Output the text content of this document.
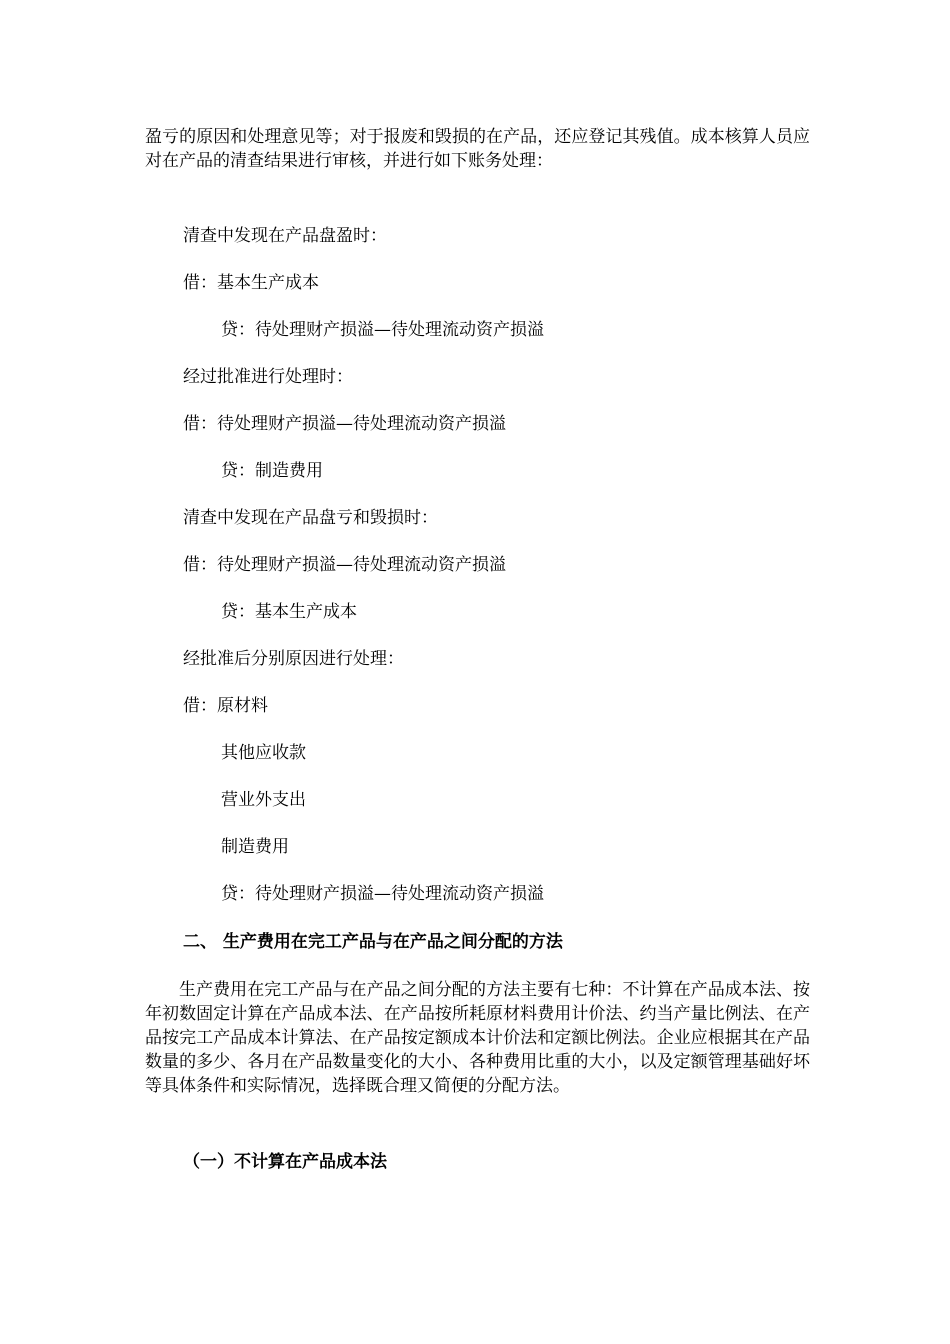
盈亏的原因和处理意见等；对于报废和毁损的在产品，还应登记其残值。成本核算人员应对在产品的清查结果进行审核，并进行如下账务处理：

清查中发现在产品盘盈时：

借：基本生产成本

贷：待处理财产损溢—待处理流动资产损溢

经过批准进行处理时：

借：待处理财产损溢—待处理流动资产损溢

贷：制造费用

清查中发现在产品盘亏和毁损时：

借：待处理财产损溢—待处理流动资产损溢

贷：基本生产成本

经批准后分别原因进行处理：

借：原材料

其他应收款

营业外支出

制造费用

贷：待处理财产损溢—待处理流动资产损溢

二、 生产费用在完工产品与在产品之间分配的方法

生产费用在完工产品与在产品之间分配的方法主要有七种：不计算在产品成本法、按年初数固定计算在产品成本法、在产品按所耗原材料费用计价法、约当产量比例法、在产品按完工产品成本计算法、在产品按定额成本计价法和定额比例法。企业应根据其在产品数量的多少、各月在产品数量变化的大小、各种费用比重的大小，以及定额管理基础好坏等具体条件和实际情况，选择既合理又简便的分配方法。

（一）不计算在产品成本法
